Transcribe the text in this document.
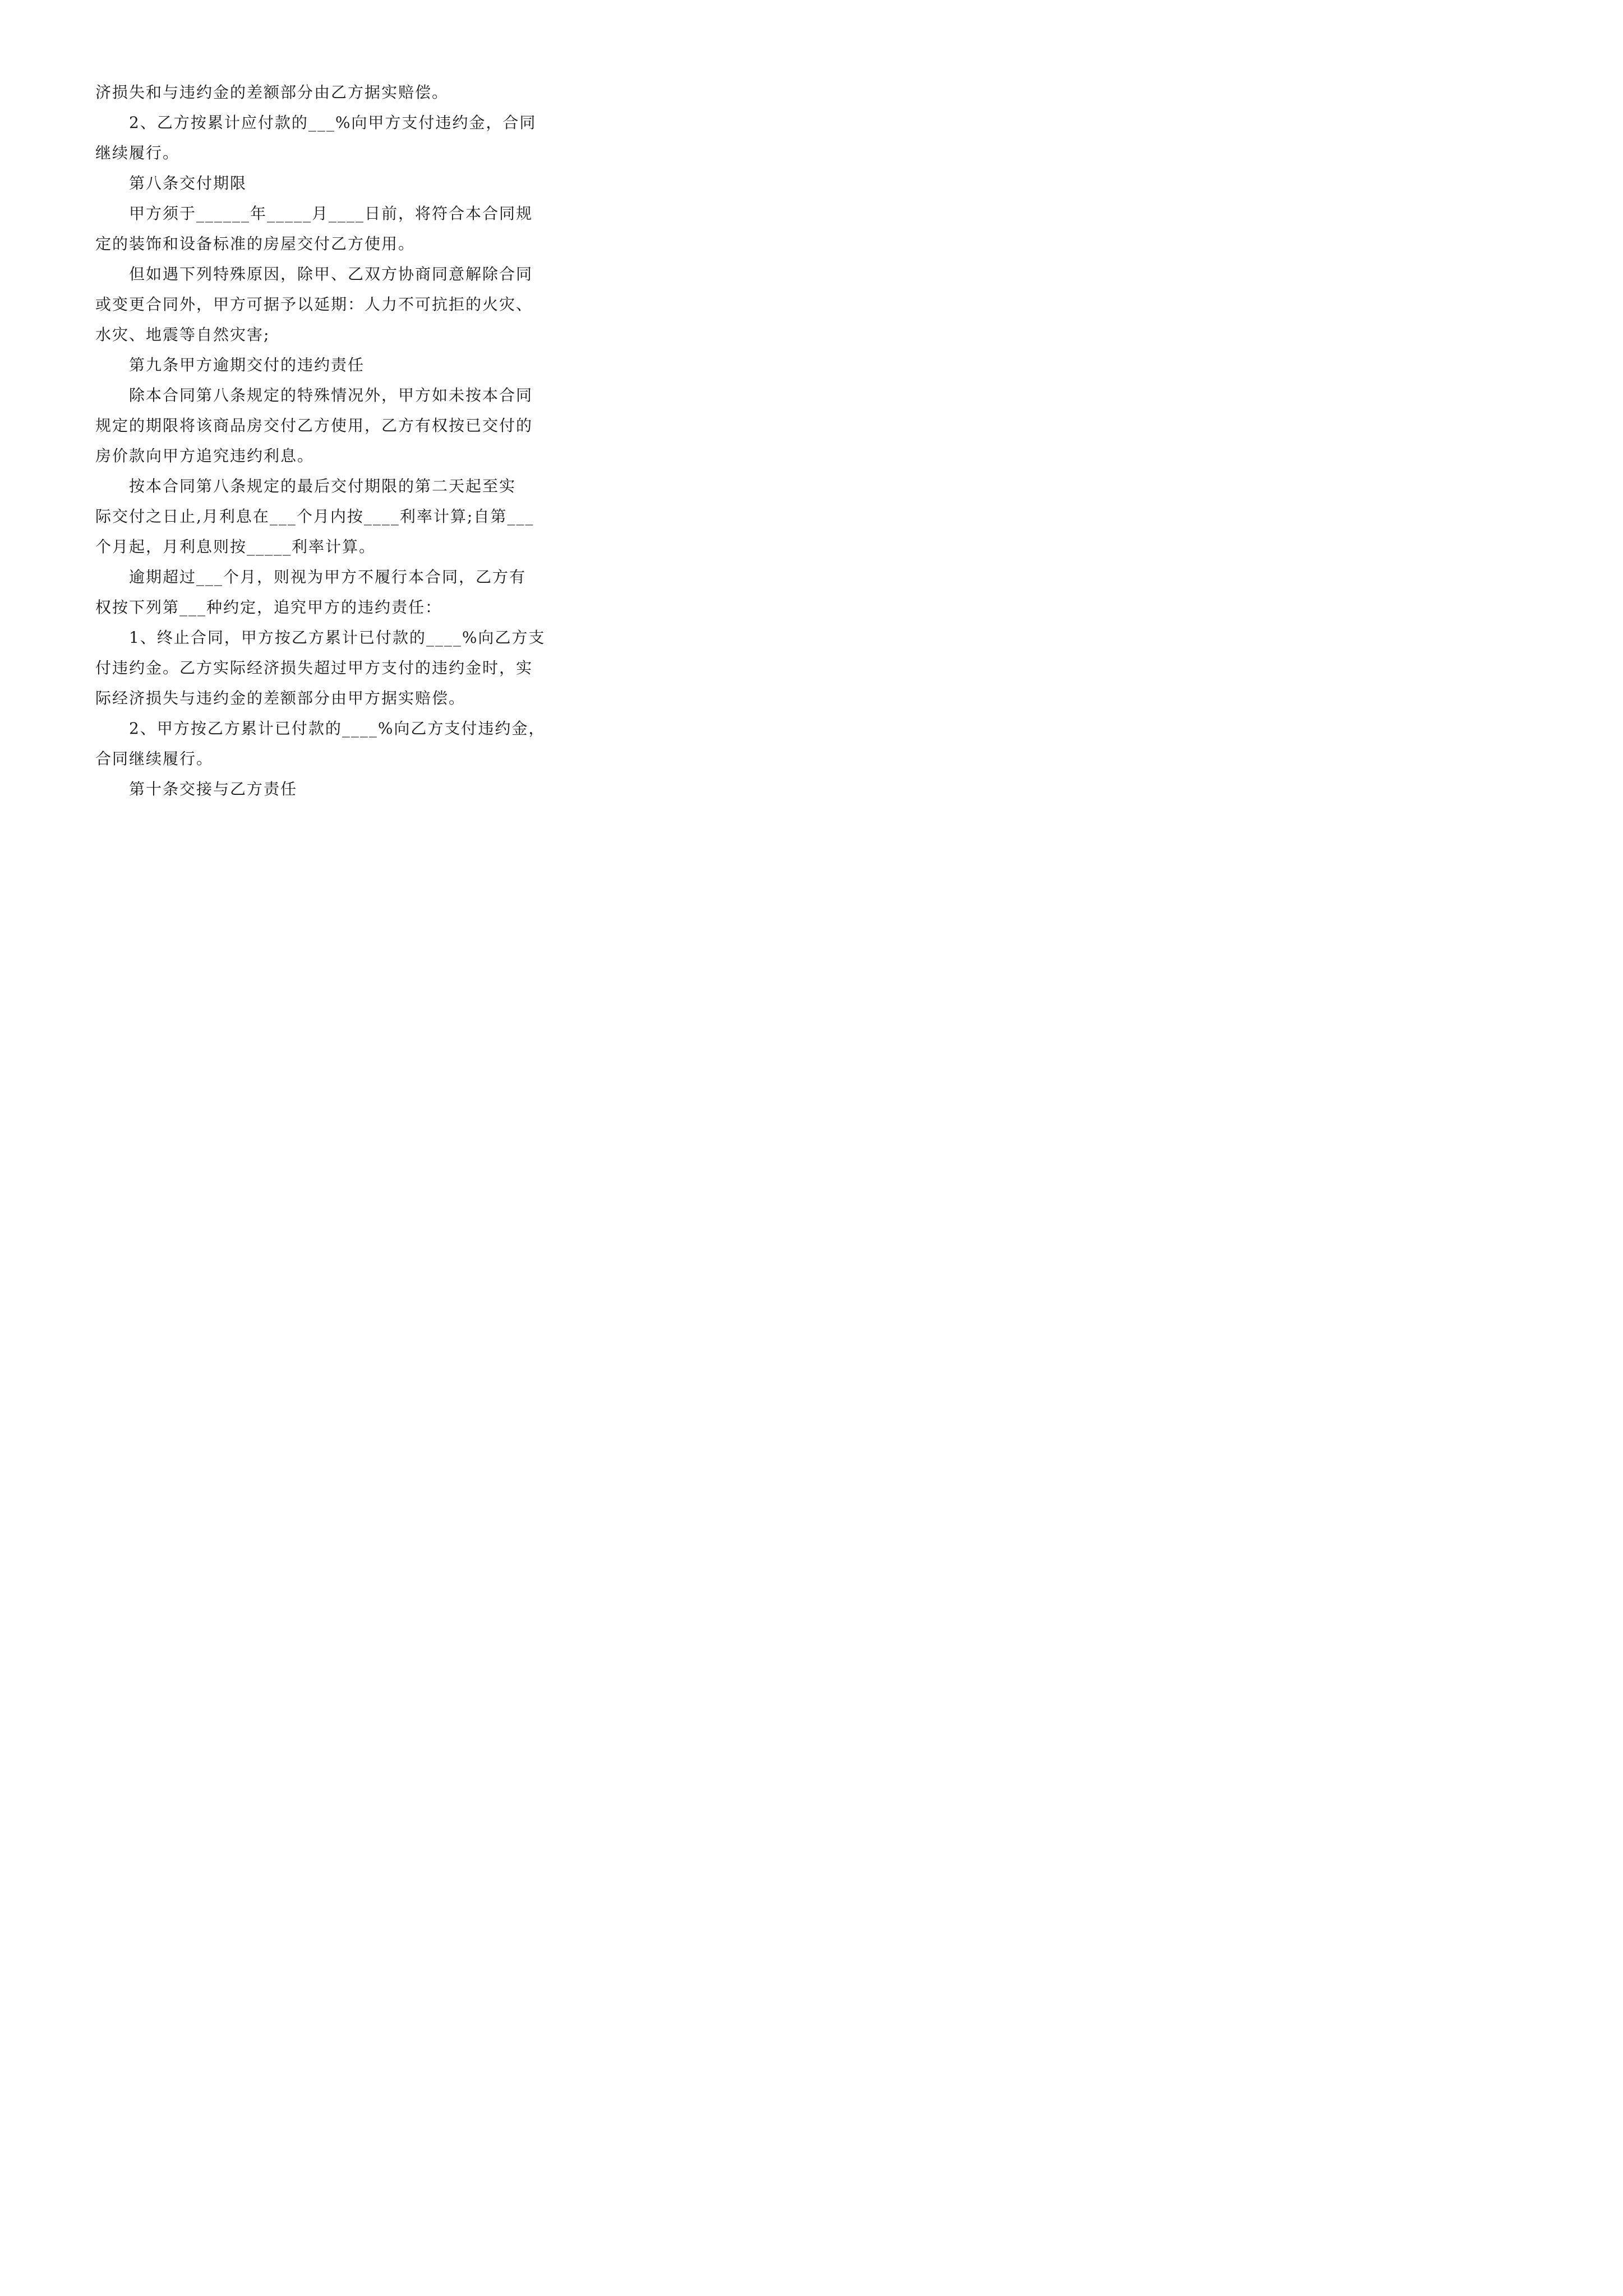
济损失和与违约金的差额部分由乙方据实赔偿。
2、乙方按累计应付款的___%向甲方支付违约金，合同
继续履行。
第八条交付期限
甲方须于______年_____月____日前，将符合本合同规
定的装饰和设备标准的房屋交付乙方使用。
但如遇下列特殊原因，除甲、乙双方协商同意解除合同
或变更合同外，甲方可据予以延期：人力不可抗拒的火灾、
水灾、地震等自然灾害;
第九条甲方逾期交付的违约责任
除本合同第八条规定的特殊情况外，甲方如未按本合同
规定的期限将该商品房交付乙方使用，乙方有权按已交付的
房价款向甲方追究违约利息。
按本合同第八条规定的最后交付期限的第二天起至实
际交付之日止,月利息在___个月内按____利率计算;自第___
个月起，月利息则按_____利率计算。
逾期超过___个月，则视为甲方不履行本合同，乙方有
权按下列第___种约定，追究甲方的违约责任：
1、终止合同，甲方按乙方累计已付款的____%向乙方支
付违约金。乙方实际经济损失超过甲方支付的违约金时，实
际经济损失与违约金的差额部分由甲方据实赔偿。
2、甲方按乙方累计已付款的____%向乙方支付违约金，
合同继续履行。
第十条交接与乙方责任
